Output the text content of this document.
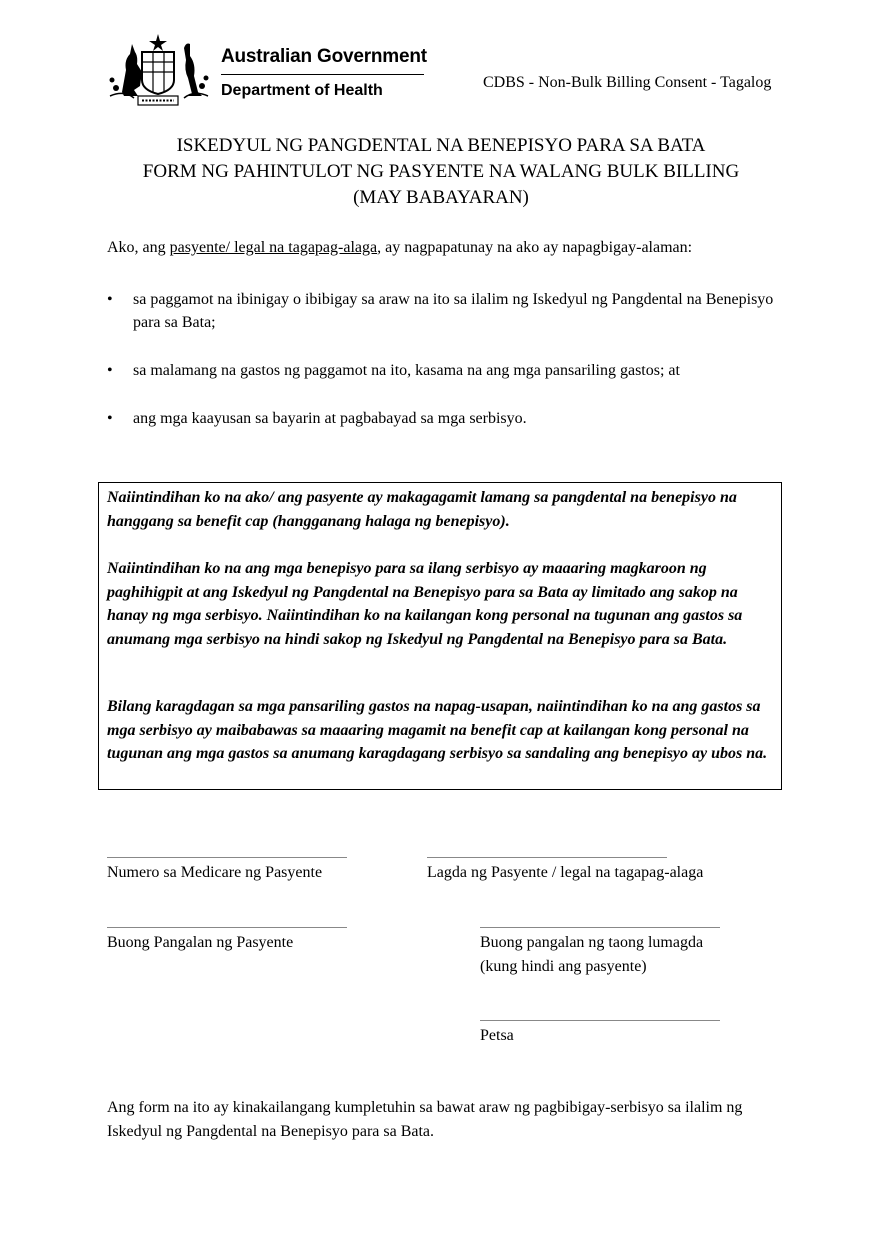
Australian Government
Department of Health	CDBS - Non-Bulk Billing Consent - Tagalog
ISKEDYUL NG PANGDENTAL NA BENEPISYO PARA SA BATA
FORM NG PAHINTULOT NG PASYENTE NA WALANG BULK BILLING
(MAY BABAYARAN)
Ako, ang pasyente/ legal na tagapag-alaga, ay nagpapatunay na ako ay napagbigay-alaman:
• sa paggamot na ibinigay o ibibigay sa araw na ito sa ilalim ng Iskedyul ng Pangdental na Benepisyo para sa Bata;
• sa malamang na gastos ng paggamot na ito, kasama na ang mga pansariling gastos; at
• ang mga kaayusan sa bayarin at pagbabayad sa mga serbisyo.

Naiintindihan ko na ako/ ang pasyente ay makagagamit lamang sa pangdental na benepisyo na hanggang sa benefit cap (hangganang halaga ng benepisyo).

Naiintindihan ko na ang mga benepisyo para sa ilang serbisyo ay maaaring magkaroon ng paghihigpit at ang Iskedyul ng Pangdental na Benepisyo para sa Bata ay limitado ang sakop na hanay ng mga serbisyo. Naiintindihan ko na kailangan kong personal na tugunan ang gastos sa anumang mga serbisyo na hindi sakop ng Iskedyul ng Pangdental na Benepisyo para sa Bata.

Bilang karagdagan sa mga pansariling gastos na napag-usapan, naiintindihan ko na ang gastos sa mga serbisyo ay maibabawas sa maaaring magamit na benefit cap at kailangan kong personal na tugunan ang mga gastos sa anumang karagdagang serbisyo sa sandaling ang benepisyo ay ubos na.

Numero sa Medicare ng Pasyente	Lagda ng Pasyente / legal na tagapag-alaga
Buong Pangalan ng Pasyente	Buong pangalan ng taong lumagda
(kung hindi ang pasyente)
Petsa
Ang form na ito ay kinakailangang kumpletuhin sa bawat araw ng pagbibigay-serbisyo sa ilalim ng Iskedyul ng Pangdental na Benepisyo para sa Bata.
